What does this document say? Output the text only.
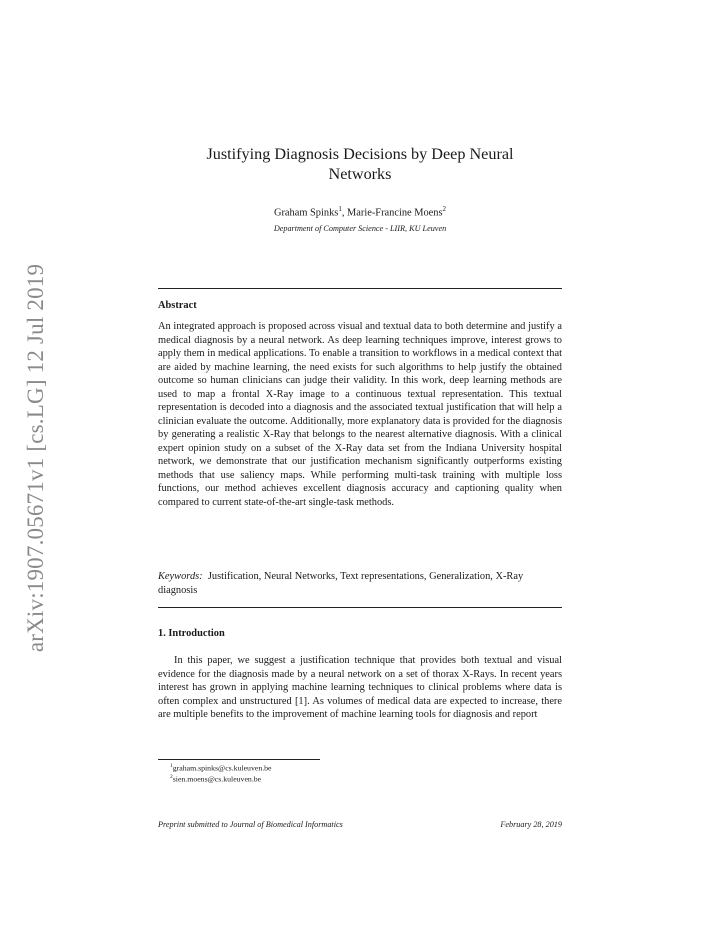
arXiv:1907.05671v1 [cs.LG] 12 Jul 2019
Justifying Diagnosis Decisions by Deep Neural Networks
Graham Spinks$^1$, Marie-Francine Moens$^2$
Department of Computer Science - LIIR, KU Leuven
Abstract

An integrated approach is proposed across visual and textual data to both determine and justify a medical diagnosis by a neural network. As deep learning techniques improve, interest grows to apply them in medical applications. To enable a transition to workflows in a medical context that are aided by machine learning, the need exists for such algorithms to help justify the obtained outcome so human clinicians can judge their validity. In this work, deep learning methods are used to map a frontal X-Ray image to a continuous textual representation. This textual representation is decoded into a diagnosis and the associated textual justification that will help a clinician evaluate the outcome. Additionally, more explanatory data is provided for the diagnosis by generating a realistic X-Ray that belongs to the nearest alternative diagnosis. With a clinical expert opinion study on a subset of the X-Ray data set from the Indiana University hospital network, we demonstrate that our justification mechanism significantly outperforms existing methods that use saliency maps. While performing multi-task training with multiple loss functions, our method achieves excellent diagnosis accuracy and captioning quality when compared to current state-of-the-art single-task methods.

Keywords: Justification, Neural Networks, Text representations, Generalization, X-Ray diagnosis

1. Introduction

In this paper, we suggest a justification technique that provides both textual and visual evidence for the diagnosis made by a neural network on a set of thorax X-Rays. In recent years interest has grown in applying machine learning techniques to clinical problems where data is often complex and unstructured [1]. As volumes of medical data are expected to increase, there are multiple benefits to the improvement of machine learning tools for diagnosis and report

$^1$graham.spinks@cs.kuleuven.be
$^2$sien.moens@cs.kuleuven.be
Preprint submitted to Journal of Biomedical Informatics	February 28, 2019
